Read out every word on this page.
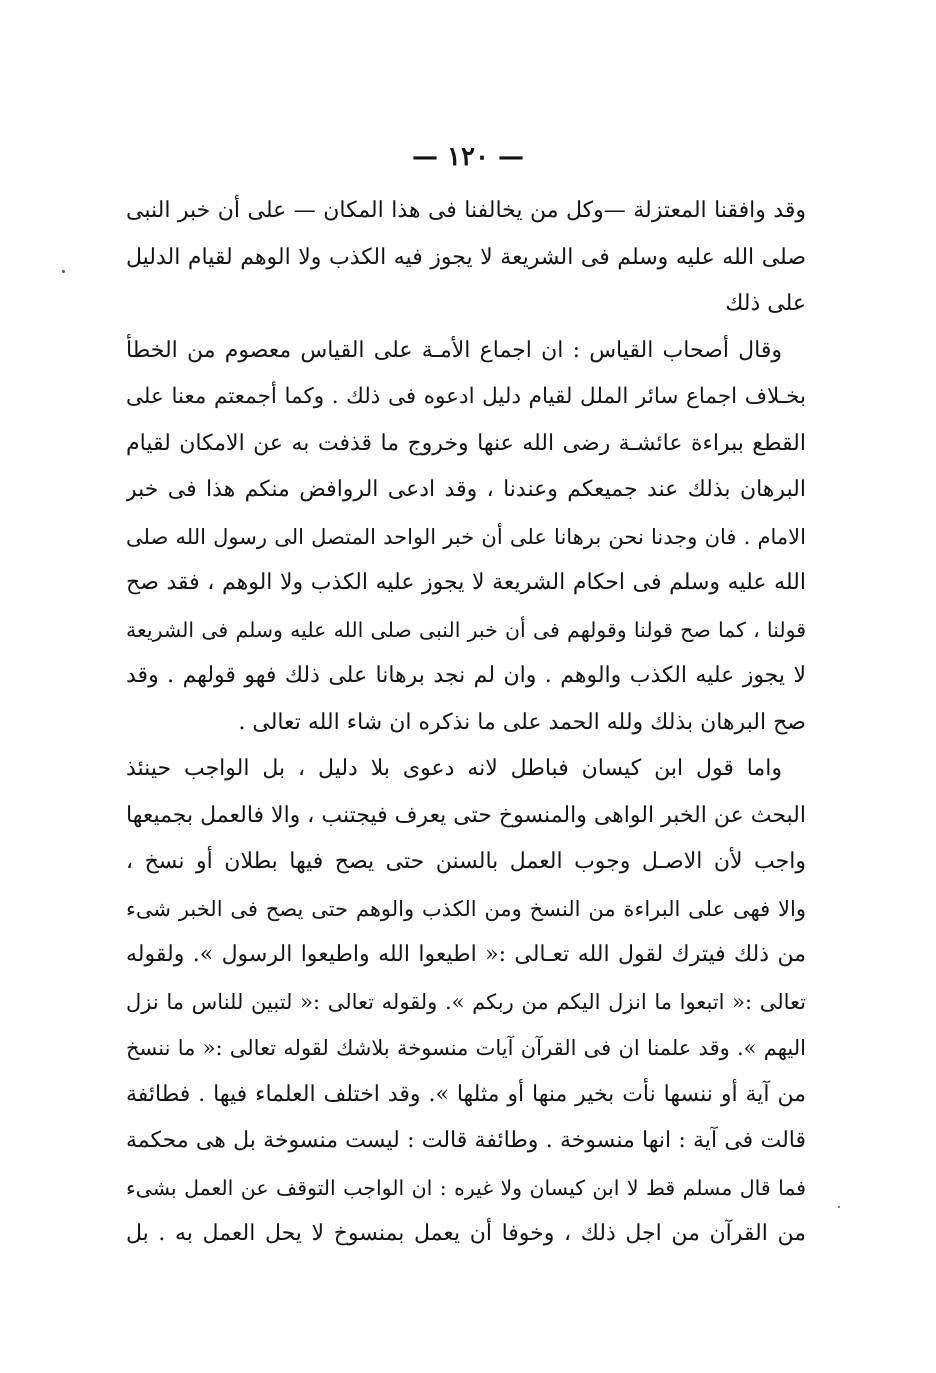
— ١٢٠ —
وقد وافقنا المعتزلة —وكل من يخالفنا فى هذا المكان — على أن خبر النبى
صلى الله عليه وسلم فى الشريعة لا يجوز فيه الكذب ولا الوهم لقيام الدليل
على ذلك
وقال أصحاب القياس : ان اجماع الأمـة على القياس معصوم من الخطأ
بخـلاف اجماع سائر الملل لقيام دليل ادعوه فى ذلك . وكما أجمعتم معنا على
القطع ببراءة عائشـة رضى الله عنها وخروج ما قذفت به عن الامكان لقيام
البرهان بذلك عند جميعكم وعندنا ، وقد ادعى الروافض منكم هذا فى خبر
الامام . فان وجدنا نحن برهانا على أن خبر الواحد المتصل الى رسول الله صلى
الله عليه وسلم فى احكام الشريعة لا يجوز عليه الكذب ولا الوهم ، فقد صح
قولنا ، كما صح قولنا وقولهم فى أن خبر النبى صلى الله عليه وسلم فى الشريعة
لا يجوز عليه الكذب والوهم . وان لم نجد برهانا على ذلك فهو قولهم . وقد
صح البرهان بذلك ولله الحمد على ما نذكره ان شاء الله تعالى .
واما قول ابن كيسان فباطل لانه دعوى بلا دليل ، بل الواجب حينئذ
البحث عن الخبر الواهى والمنسوخ حتى يعرف فيجتنب ، والا فالعمل بجميعها
واجب لأن الاصـل وجوب العمل بالسنن حتى يصح فيها بطلان أو نسخ ،
والا فهى على البراءة من النسخ ومن الكذب والوهم حتى يصح فى الخبر شىء
من ذلك فيترك لقول الله تعـالى :« اطيعوا الله واطيعوا الرسول ». ولقوله
تعالى :« اتبعوا ما انزل اليكم من ربكم ». ولقوله تعالى :« لتبين للناس ما نزل
اليهم ». وقد علمنا ان فى القرآن آيات منسوخة بلاشك لقوله تعالى :« ما ننسخ
من آية أو ننسها نأت بخير منها أو مثلها ». وقد اختلف العلماء فيها . فطائفة
قالت فى آية : انها منسوخة . وطائفة قالت : ليست منسوخة بل هى محكمة
فما قال مسلم قط لا ابن كيسان ولا غيره : ان الواجب التوقف عن العمل بشىء
من القرآن من اجل ذلك ، وخوفا أن يعمل بمنسوخ لا يحل العمل به . بل
